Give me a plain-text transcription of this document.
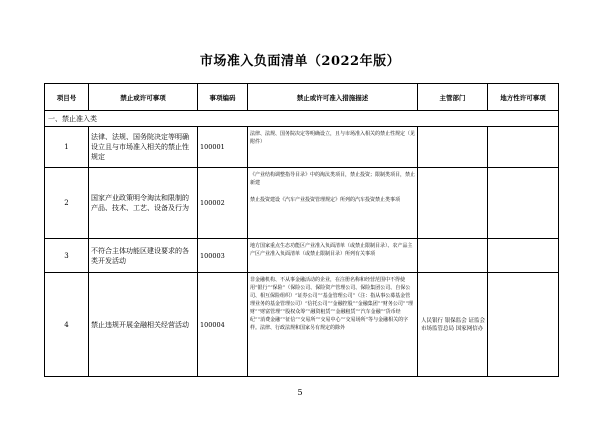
市场准入负面清单（2022年版）
项目号	禁止或许可事项	事项编码	禁止或许可准入措施描述	主管部门	地方性许可事项
一、禁止准入类					
1	法律、法规、国务院决定等明确设立且与市场准入相关的禁止性规定	100001	法律、法规、国务院决定等明确设立，且与市场准入相关的禁止性规定（见附件）		

2	国家产业政策明令淘汰和限制的产品、技术、工艺、设备及行为	100002	《产业结构调整指导目录》中的淘汰类项目，禁止投资；限制类项目，禁止新建

禁止投资建设《汽车产业投资管理规定》所列的汽车投资禁止类事项		

3	不符合主体功能区建设要求的各类开发活动	100003	地方国家重点生态功能区产业准入负面清单（或禁止限制目录）、农产品主产区产业准入负面清单（或禁止限制目录）所列有关事项		

4	禁止违规开展金融相关经营活动	100004	非金融机构、不从事金融活动的企业，在注册名称和经营范围中不得使用“银行”“保险”（保险公司、保险资产管理公司、保险集团公司、自保公司、相互保险组织）“证券公司”“基金管理公司”（注：指从事公募基金管理业务的基金管理公司）“信托公司”“金融控股”“金融集团”“财务公司”“理财”“财富管理”“股权众筹”“融资租赁”“金融租赁”“汽车金融”“货币经纪”“消费金融”“征信”“交易所”“交易中心”“交易场所”等与金融相关的字样。法律、行政法规和国家另有规定的除外	人民银行 银保监会 证监会 市场监管总局 国家网信办	
5
